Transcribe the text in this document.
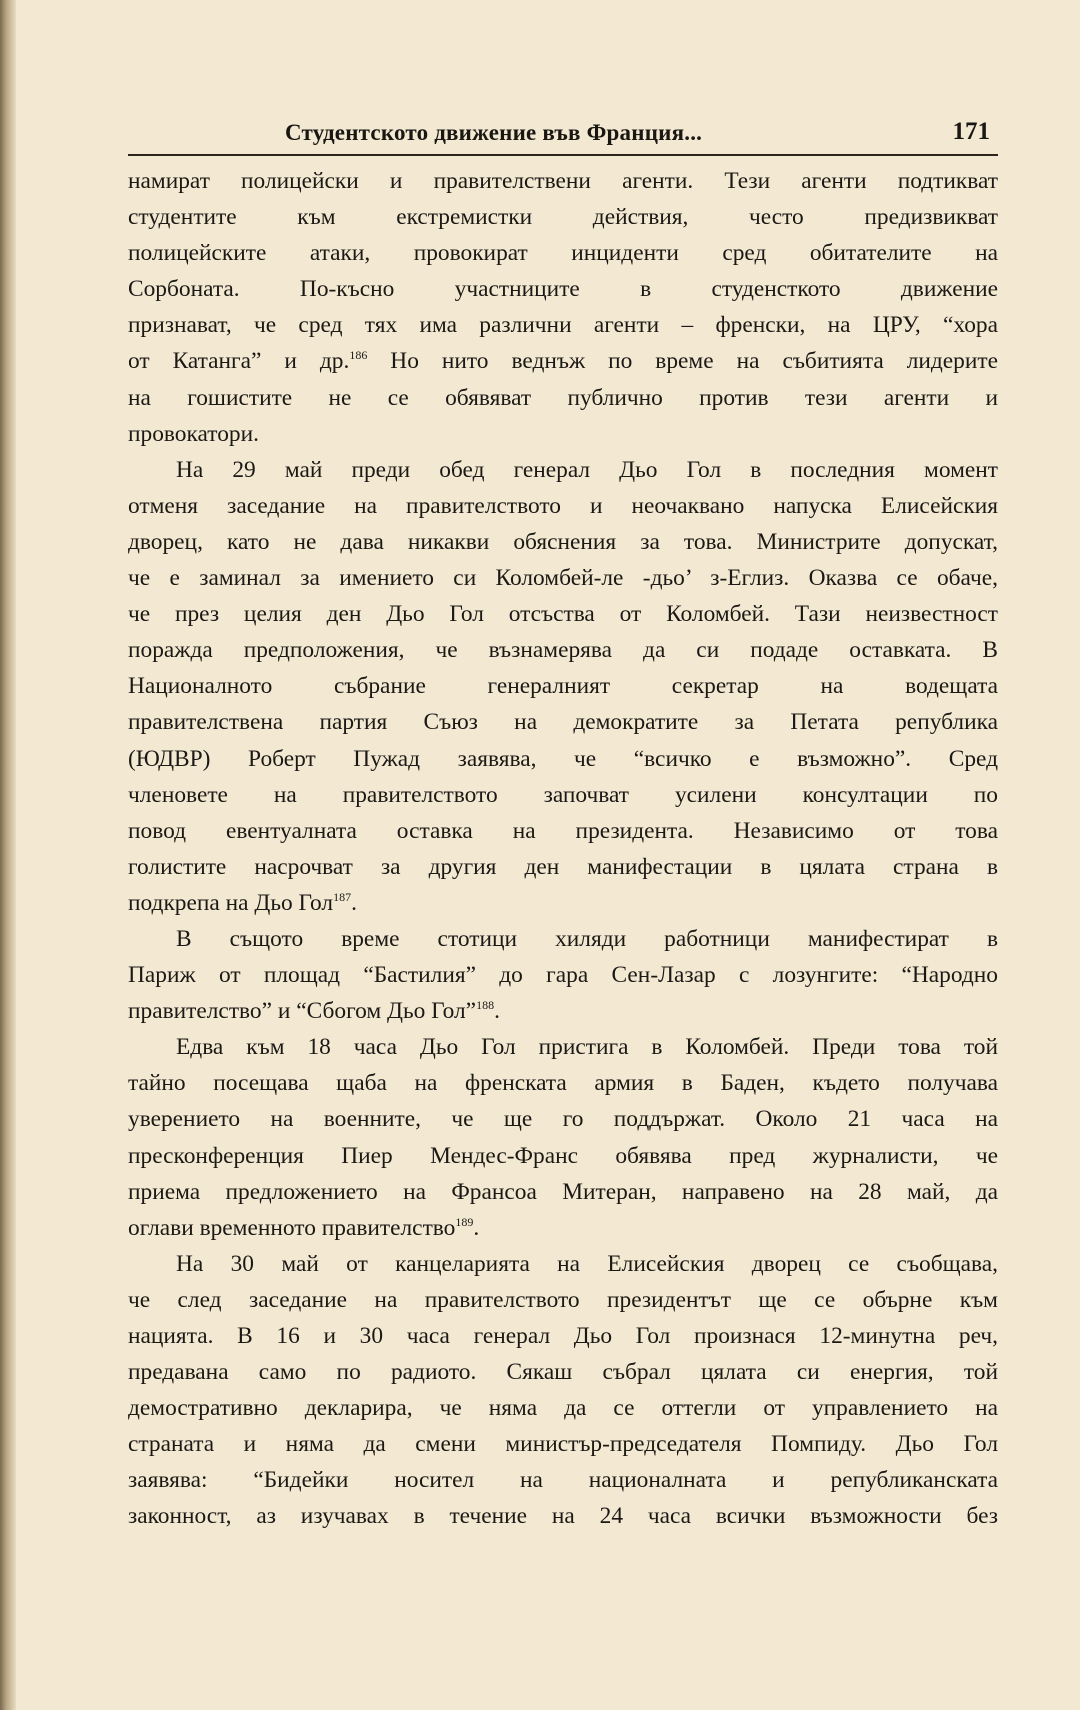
Студентското движение във Франция...	171
намират полицейски и правителствени агенти. Тези агенти подтикват
студентите към екстремистки действия, често предизвикват
полицейските атаки, провокират инциденти сред обитателите на
Сорбоната. По-късно участниците в студенсткото движение
признават, че сред тях има различни агенти – френски, на ЦРУ, “хора
от Катанга” и др.$^{186}$ Но нито веднъж по време на събитията лидерите
на гошистите не се обявяват публично против тези агенти и
провокатори.
На 29 май преди обед генерал Дьо Гол в последния момент
отменя заседание на правителството и неочаквано напуска Елисейския
дворец, като не дава никакви обяснения за това. Министрите допускат,
че е заминал за имението си Коломбей-ле -дьо’ з-Еглиз. Оказва се обаче,
че през целия ден Дьо Гол отсъства от Коломбей. Тази неизвестност
поражда предположения, че възнамерява да си подаде оставката. В
Националното събрание генералният секретар на водещата
правителствена партия Съюз на демократите за Петата република
(ЮДВР) Роберт Пужад заявява, че “всичко е възможно”. Сред
членовете на правителството започват усилени консултации по
повод евентуалната оставка на президента. Независимо от това
голистите насрочват за другия ден манифестации в цялата страна в
подкрепа на Дьо Гол$^{187}$.
В същото време стотици хиляди работници манифестират в
Париж от площад “Бастилия” до гара Сен-Лазар с лозунгите: “Народно
правителство” и “Сбогом Дьо Гол”$^{188}$.
Едва към 18 часа Дьо Гол пристига в Коломбей. Преди това той
тайно посещава щаба на френската армия в Баден, където получава
уверението на военните, че ще го поддържат. Около 21 часа на
пресконференция Пиер Мендес-Франс обявява пред журналисти, че
приема предложението на Франсоа Митеран, направено на 28 май, да
оглави временното правителство$^{189}$.
На 30 май от канцеларията на Елисейския дворец се съобщава,
че след заседание на правителството президентът ще се обърне към
нацията. В 16 и 30 часа генерал Дьо Гол произнася 12-минутна реч,
предавана само по радиото. Сякаш събрал цялата си енергия, той
демостративно декларира, че няма да се оттегли от управлението на
страната и няма да смени министър-председателя Помпиду. Дьо Гол
заявява: “Бидейки носител на националната и републиканската
законност, аз изучавах в течение на 24 часа всички възможности без
